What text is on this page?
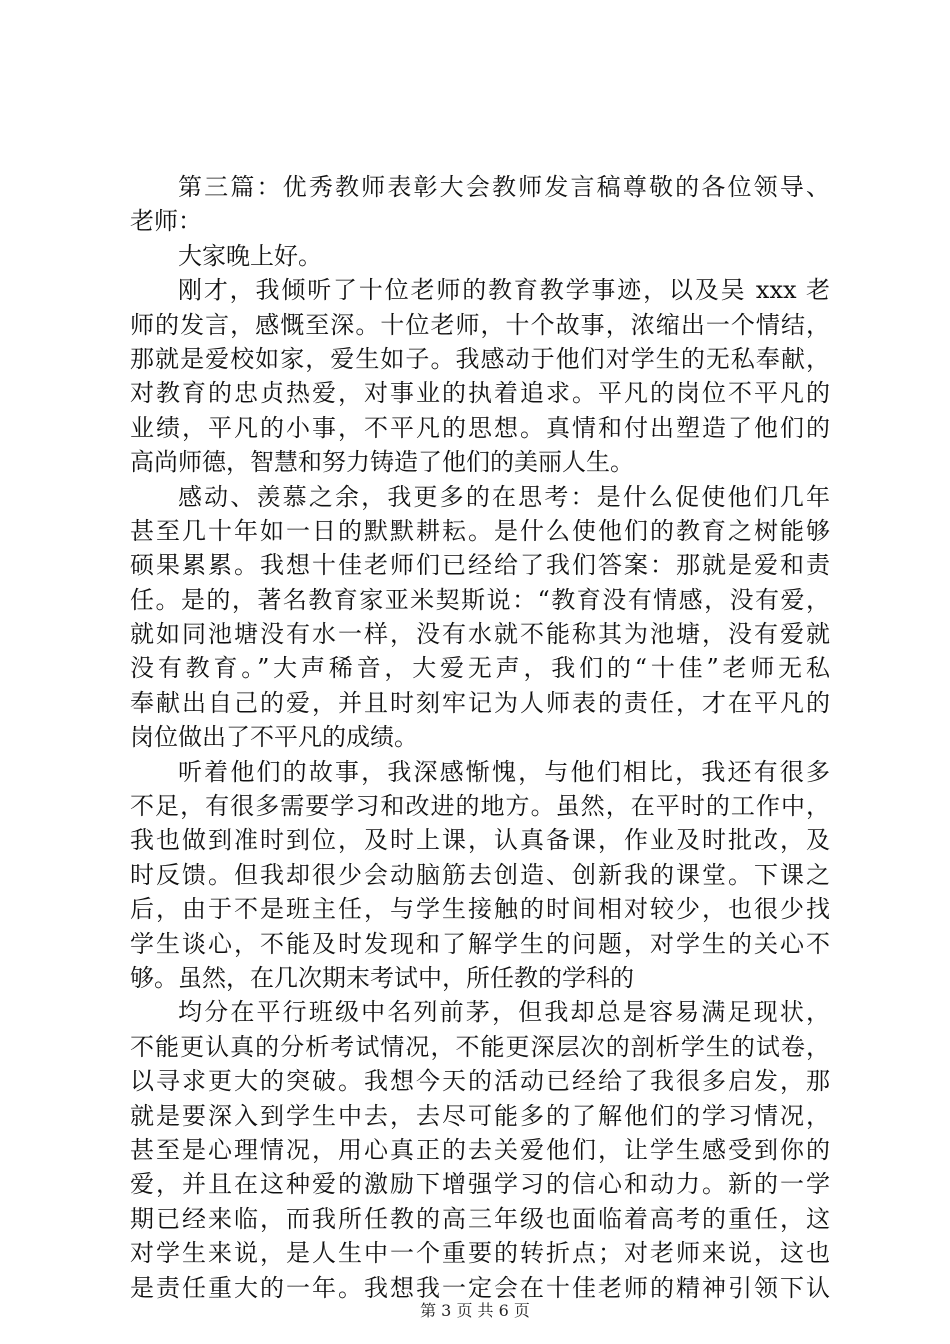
第三篇：优秀教师表彰大会教师发言稿尊敬的各位领导、
老师：
大家晚上好。
刚才，我倾听了十位老师的教育教学事迹，以及吴 xxx 老
师的发言，感慨至深。十位老师，十个故事，浓缩出一个情结，
那就是爱校如家，爱生如子。我感动于他们对学生的无私奉献，
对教育的忠贞热爱，对事业的执着追求。平凡的岗位不平凡的
业绩，平凡的小事，不平凡的思想。真情和付出塑造了他们的
高尚师德，智慧和努力铸造了他们的美丽人生。
感动、羡慕之余，我更多的在思考：是什么促使他们几年
甚至几十年如一日的默默耕耘。是什么使他们的教育之树能够
硕果累累。我想十佳老师们已经给了我们答案：那就是爱和责
任。是的，著名教育家亚米契斯说：“教育没有情感，没有爱，
就如同池塘没有水一样，没有水就不能称其为池塘，没有爱就
没有教育。”大声稀音，大爱无声，我们的“十佳”老师无私
奉献出自己的爱，并且时刻牢记为人师表的责任，才在平凡的
岗位做出了不平凡的成绩。
听着他们的故事，我深感惭愧，与他们相比，我还有很多
不足，有很多需要学习和改进的地方。虽然，在平时的工作中，
我也做到准时到位，及时上课，认真备课，作业及时批改，及
时反馈。但我却很少会动脑筋去创造、创新我的课堂。下课之
后，由于不是班主任，与学生接触的时间相对较少，也很少找
学生谈心，不能及时发现和了解学生的问题，对学生的关心不
够。虽然，在几次期末考试中，所任教的学科的
均分在平行班级中名列前茅，但我却总是容易满足现状，
不能更认真的分析考试情况，不能更深层次的剖析学生的试卷，
以寻求更大的突破。我想今天的活动已经给了我很多启发，那
就是要深入到学生中去，去尽可能多的了解他们的学习情况，
甚至是心理情况，用心真正的去关爱他们，让学生感受到你的
爱，并且在这种爱的激励下增强学习的信心和动力。新的一学
期已经来临，而我所任教的高三年级也面临着高考的重任，这
对学生来说，是人生中一个重要的转折点；对老师来说，这也
是责任重大的一年。我想我一定会在十佳老师的精神引领下认
第 3 页 共 6 页
